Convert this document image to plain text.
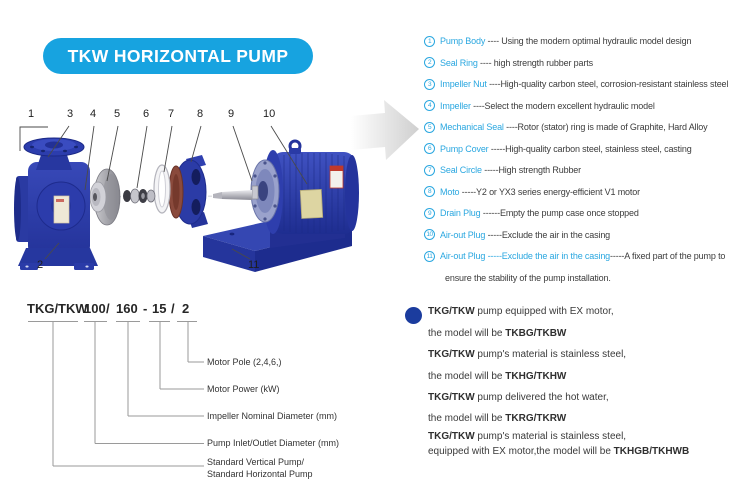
TKW HORIZONTAL PUMP
1	3 4 5 6 7 8 9	10
2	11
1 Pump Body ---- Using the modern optimal hydraulic model design
2 Seal Ring ---- high strength rubber parts
3 Impeller Nut ----High-quality carbon steel, corrosion-resistant stainless steel
4 Impeller ----Select the modern excellent hydraulic model
5 Mechanical Seal ----Rotor (stator) ring is made of Graphite, Hard Alloy
6 Pump Cover -----High-quality carbon steel, stainless steel, casting
7 Seal Circle -----High strength Rubber
8 Moto -----Y2 or YX3 series energy-efficient V1 motor
9 Drain Plug ------Empty the pump case once stopped
10 Air-out Plug -----Exclude the air in the casing
11 Air-out Plug -----Exclude the air in the casing-----A fixed part of the pump to
ensure the stability of the pump installation.
TKG/TKW
100 / 160 - 15 / 2
Motor Pole (2,4,6,)
Motor Power (kW)
Impeller Nominal Diameter (mm)
Pump Inlet/Outlet Diameter (mm)
Standard Vertical Pump/
Standard Horizontal Pump
TKG/TKW pump equipped with EX motor,
the model will be TKBG/TKBW
TKG/TKW pump's material is stainless steel,
the model will be TKHG/TKHW
TKG/TKW pump delivered the hot water,
the model will be TKRG/TKRW
TKG/TKW pump's material is stainless steel,
equipped with EX motor,the model will be TKHGB/TKHWB
